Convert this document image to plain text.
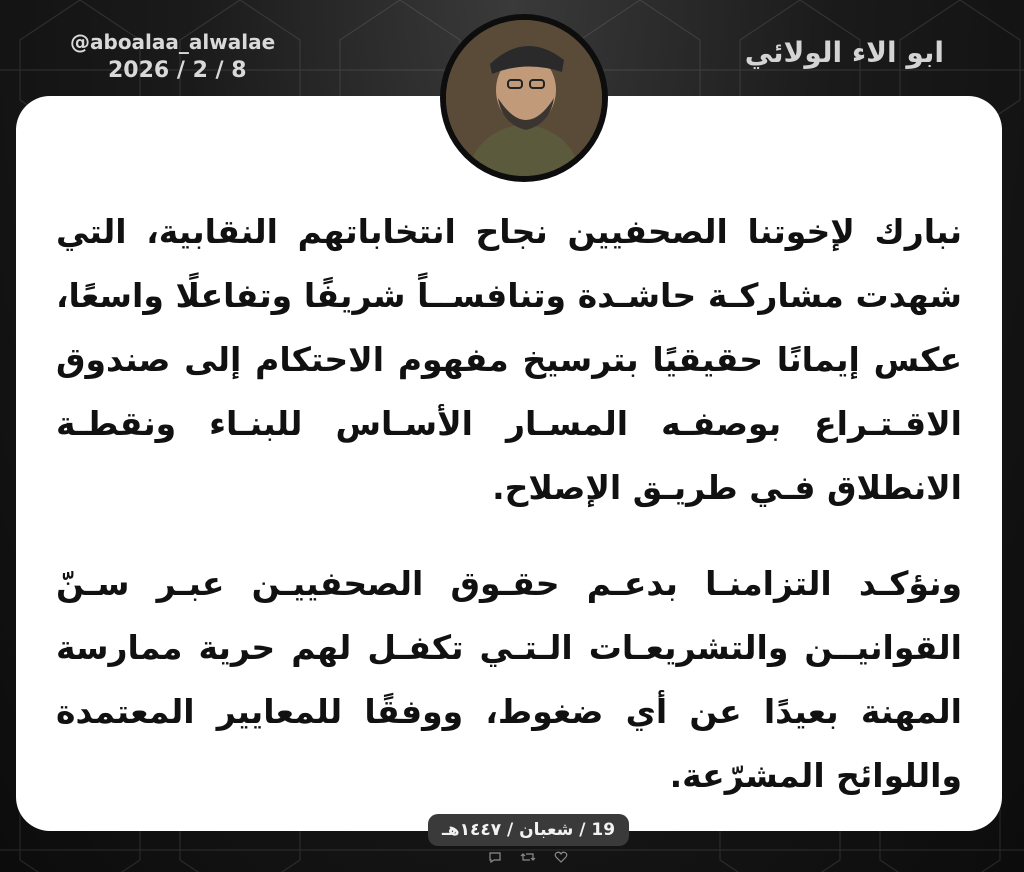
@aboalaa_alwalae
2026 / 2 / 8
ابو الاء الولائي
نبارك لإخوتنا الصحفيين نجاح انتخاباتهم النقابية، التي شهدت مشاركـة حاشـدة وتنافســاً شريفًا وتفاعلًا واسعًا، عكس إيمانًا حقيقيًا بترسيخ مفهوم الاحتكام إلى صندوق الاقـتـراع بوصفـه المسـار الأسـاس للبنـاء ونقطـة الانطلاق فـي طريـق الإصلاح.
ونؤكـد التزامنـا بدعـم حقـوق الصحفييـن عبـر سـنّ القوانيــن والتشريعـات الـتـي تكفـل لهم حرية ممارسة المهنة بعيدًا عن أي ضغوط، ووفقًا للمعايير المعتمدة واللوائح المشرّعة.
19 / شعبان / ١٤٤٧هـ
